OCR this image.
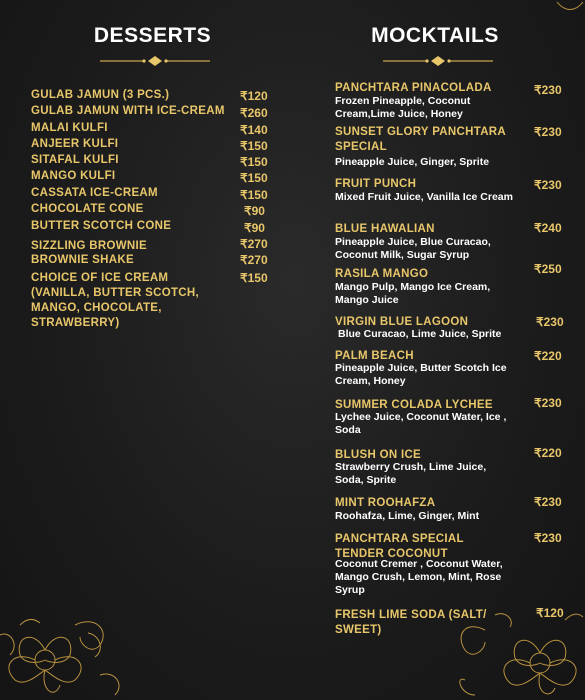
DESSERTS	MOCKTAILS
GULAB JAMUN (3 PCS.)	₹120
GULAB JAMUN WITH ICE-CREAM ₹260
MALAI KULFI	₹140
ANJEER KULFI	₹150
SITAFAL KULFI	₹150
MANGO KULFI	₹150
CASSATA ICE-CREAM	₹150
CHOCOLATE CONE	₹90
BUTTER SCOTCH CONE	₹90
SIZZLING BROWNIE	₹270
BROWNIE SHAKE	₹270
CHOICE OF ICE CREAM (VANILLA, BUTTER SCOTCH, MANGO, CHOCOLATE, STRAWBERRY)
₹150
PANCHTARA PINACOLADA
Frozen Pineapple, Coconut Cream,Lime Juice, Honey
₹230
SUNSET GLORY PANCHTARA SPECIAL
Pineapple Juice, Ginger, Sprite
₹230
FRUIT PUNCH
Mixed Fruit Juice, Vanilla Ice Cream
₹230
BLUE HAWALIAN
Pineapple Juice, Blue Curacao, Coconut Milk, Sugar Syrup
₹240
RASILA MANGO
Mango Pulp, Mango Ice Cream, Mango Juice
₹250
VIRGIN BLUE LAGOON
Blue Curacao, Lime Juice, Sprite
₹230
PALM BEACH
Pineapple Juice, Butter Scotch Ice Cream, Honey
₹220
SUMMER COLADA LYCHEE
Lychee Juice, Coconut Water, Ice , Soda
₹230
BLUSH ON ICE
Strawberry Crush, Lime Juice, Soda, Sprite
₹220
MINT ROOHAFZA
Roohafza, Lime, Ginger, Mint
₹230
PANCHTARA SPECIAL TENDER COCONUT
Coconut Cremer , Coconut Water, Mango Crush, Lemon, Mint, Rose Syrup
₹230
FRESH LIME SODA (SALT/ SWEET)
₹120
